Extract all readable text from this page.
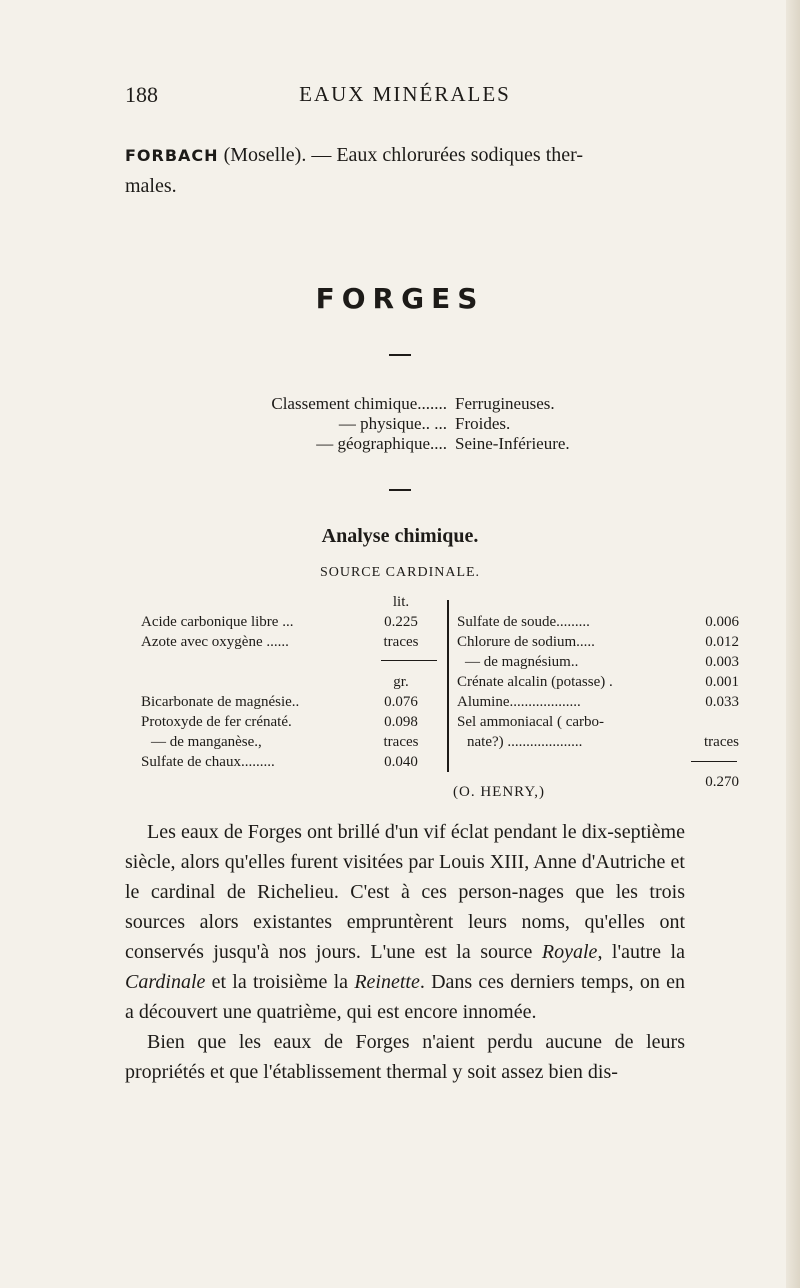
188	EAUX MINÉRALES
FORBACH (Moselle). — Eaux chlorurées sodiques ther-
males.
FORGES
Classement chimique....... Ferrugineuses.
— physique.. ... Froides.
— géographique.... Seine-Inférieure.
Analyse chimique.
SOURCE CARDINALE.
lit.
Acide carbonique libre ...	0.225
Azote avec oxygène ......	traces
gr.
Bicarbonate de magnésie..	0.076
Protoxyde de fer crénaté.	0.098
— de manganèse.,	traces
Sulfate de chaux.........	0.040
Sulfate de soude.........	0.006
Chlorure de sodium.....	0.012
— de magnésium..	0.003
Crénate alcalin (potasse) .	0.001
Alumine...................	0.033
Sel ammoniacal ( carbo-
nate?) ....................	traces
0.270
(O. HENRY,)

Les eaux de Forges ont brillé d'un vif éclat pendant le dix-septième siècle, alors qu'elles furent visitées par Louis XIII, Anne d'Autriche et le cardinal de Richelieu. C'est à ces person-nages que les trois sources alors existantes empruntèrent leurs noms, qu'elles ont conservés jusqu'à nos jours. L'une est la source Royale, l'autre la Cardinale et la troisième la Reinette. Dans ces derniers temps, on en a découvert une quatrième, qui est encore innomée.

Bien que les eaux de Forges n'aient perdu aucune de leurs propriétés et que l'établissement thermal y soit assez bien dis-
